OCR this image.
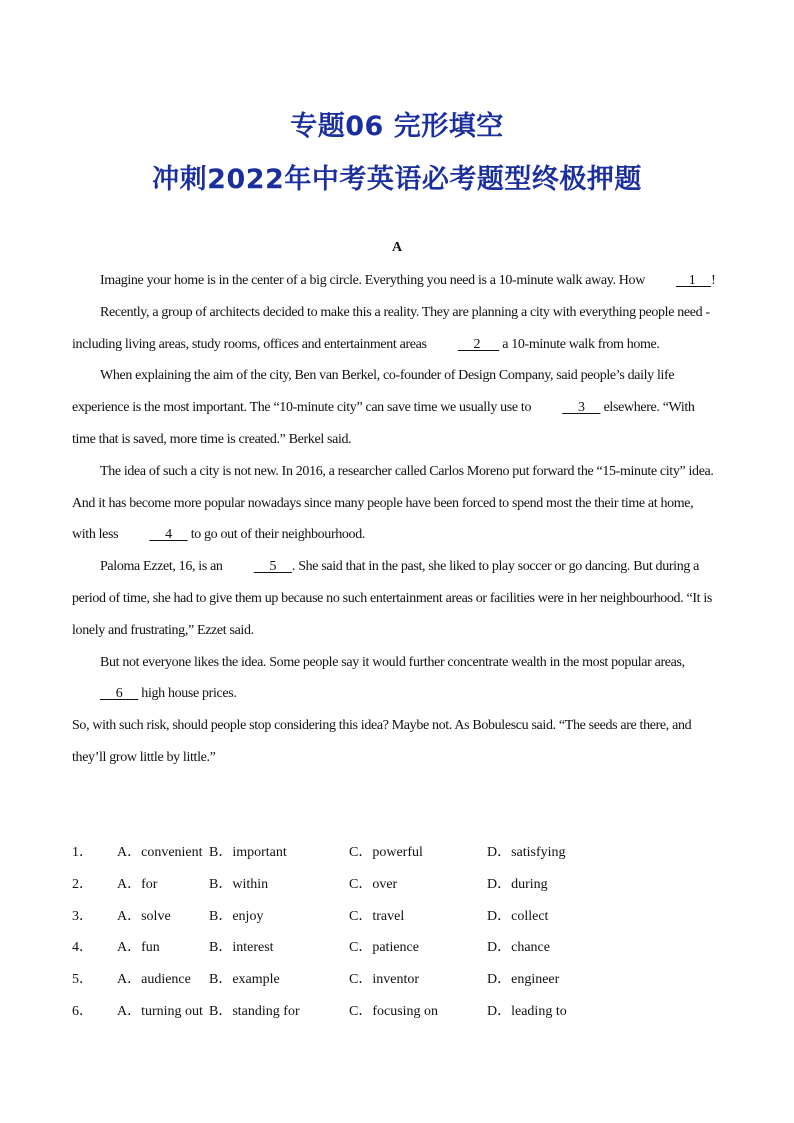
专题06 完形填空
冲刺2022年中考英语必考题型终极押题
A

Imagine your home is in the center of a big circle. Everything you need is a 10-minute walk away. How     1     !

Recently, a group of architects decided to make this a reality. They are planning a city with everything people need - including living areas, study rooms, offices and entertainment areas      2       a 10-minute walk from home.

When explaining the aim of the city, Ben van Berkel, co-founder of Design Company, said people’s daily life experience is the most important. The “10-minute city” can save time we usually use to      3      elsewhere. “With time that is saved, more time is created.” Berkel said.

The idea of such a city is not new. In 2016, a researcher called Carlos Moreno put forward the “15-minute city” idea. And it has become more popular nowadays since many people have been forced to spend most the their time at home, with less      4      to go out of their neighbourhood.

Paloma Ezzet, 16, is an      5     . She said that in the past, she liked to play soccer or go dancing. But during a period of time, she had to give them up because no such entertainment areas or facilities were in her neighbourhood. “It is lonely and frustrating,” Ezzet said.

But not everyone likes the idea. Some people say it would further concentrate wealth in the most popular areas,      6      high house prices.

So, with such risk, should people stop considering this idea? Maybe not. As Bobulescu said. “The seeds are there, and they’ll grow little by little.”

1． A．convenient B．important	C．powerful	D．satisfying
2． A．for	B．within	C．over	D．during
3． A．solve	B．enjoy	C．travel	D．collect
4． A．fun	B．interest	C．patience	D．chance
5． A．audience B．example	C．inventor	D．engineer
6． A．turning out B．standing for	C．focusing on	D．leading to
